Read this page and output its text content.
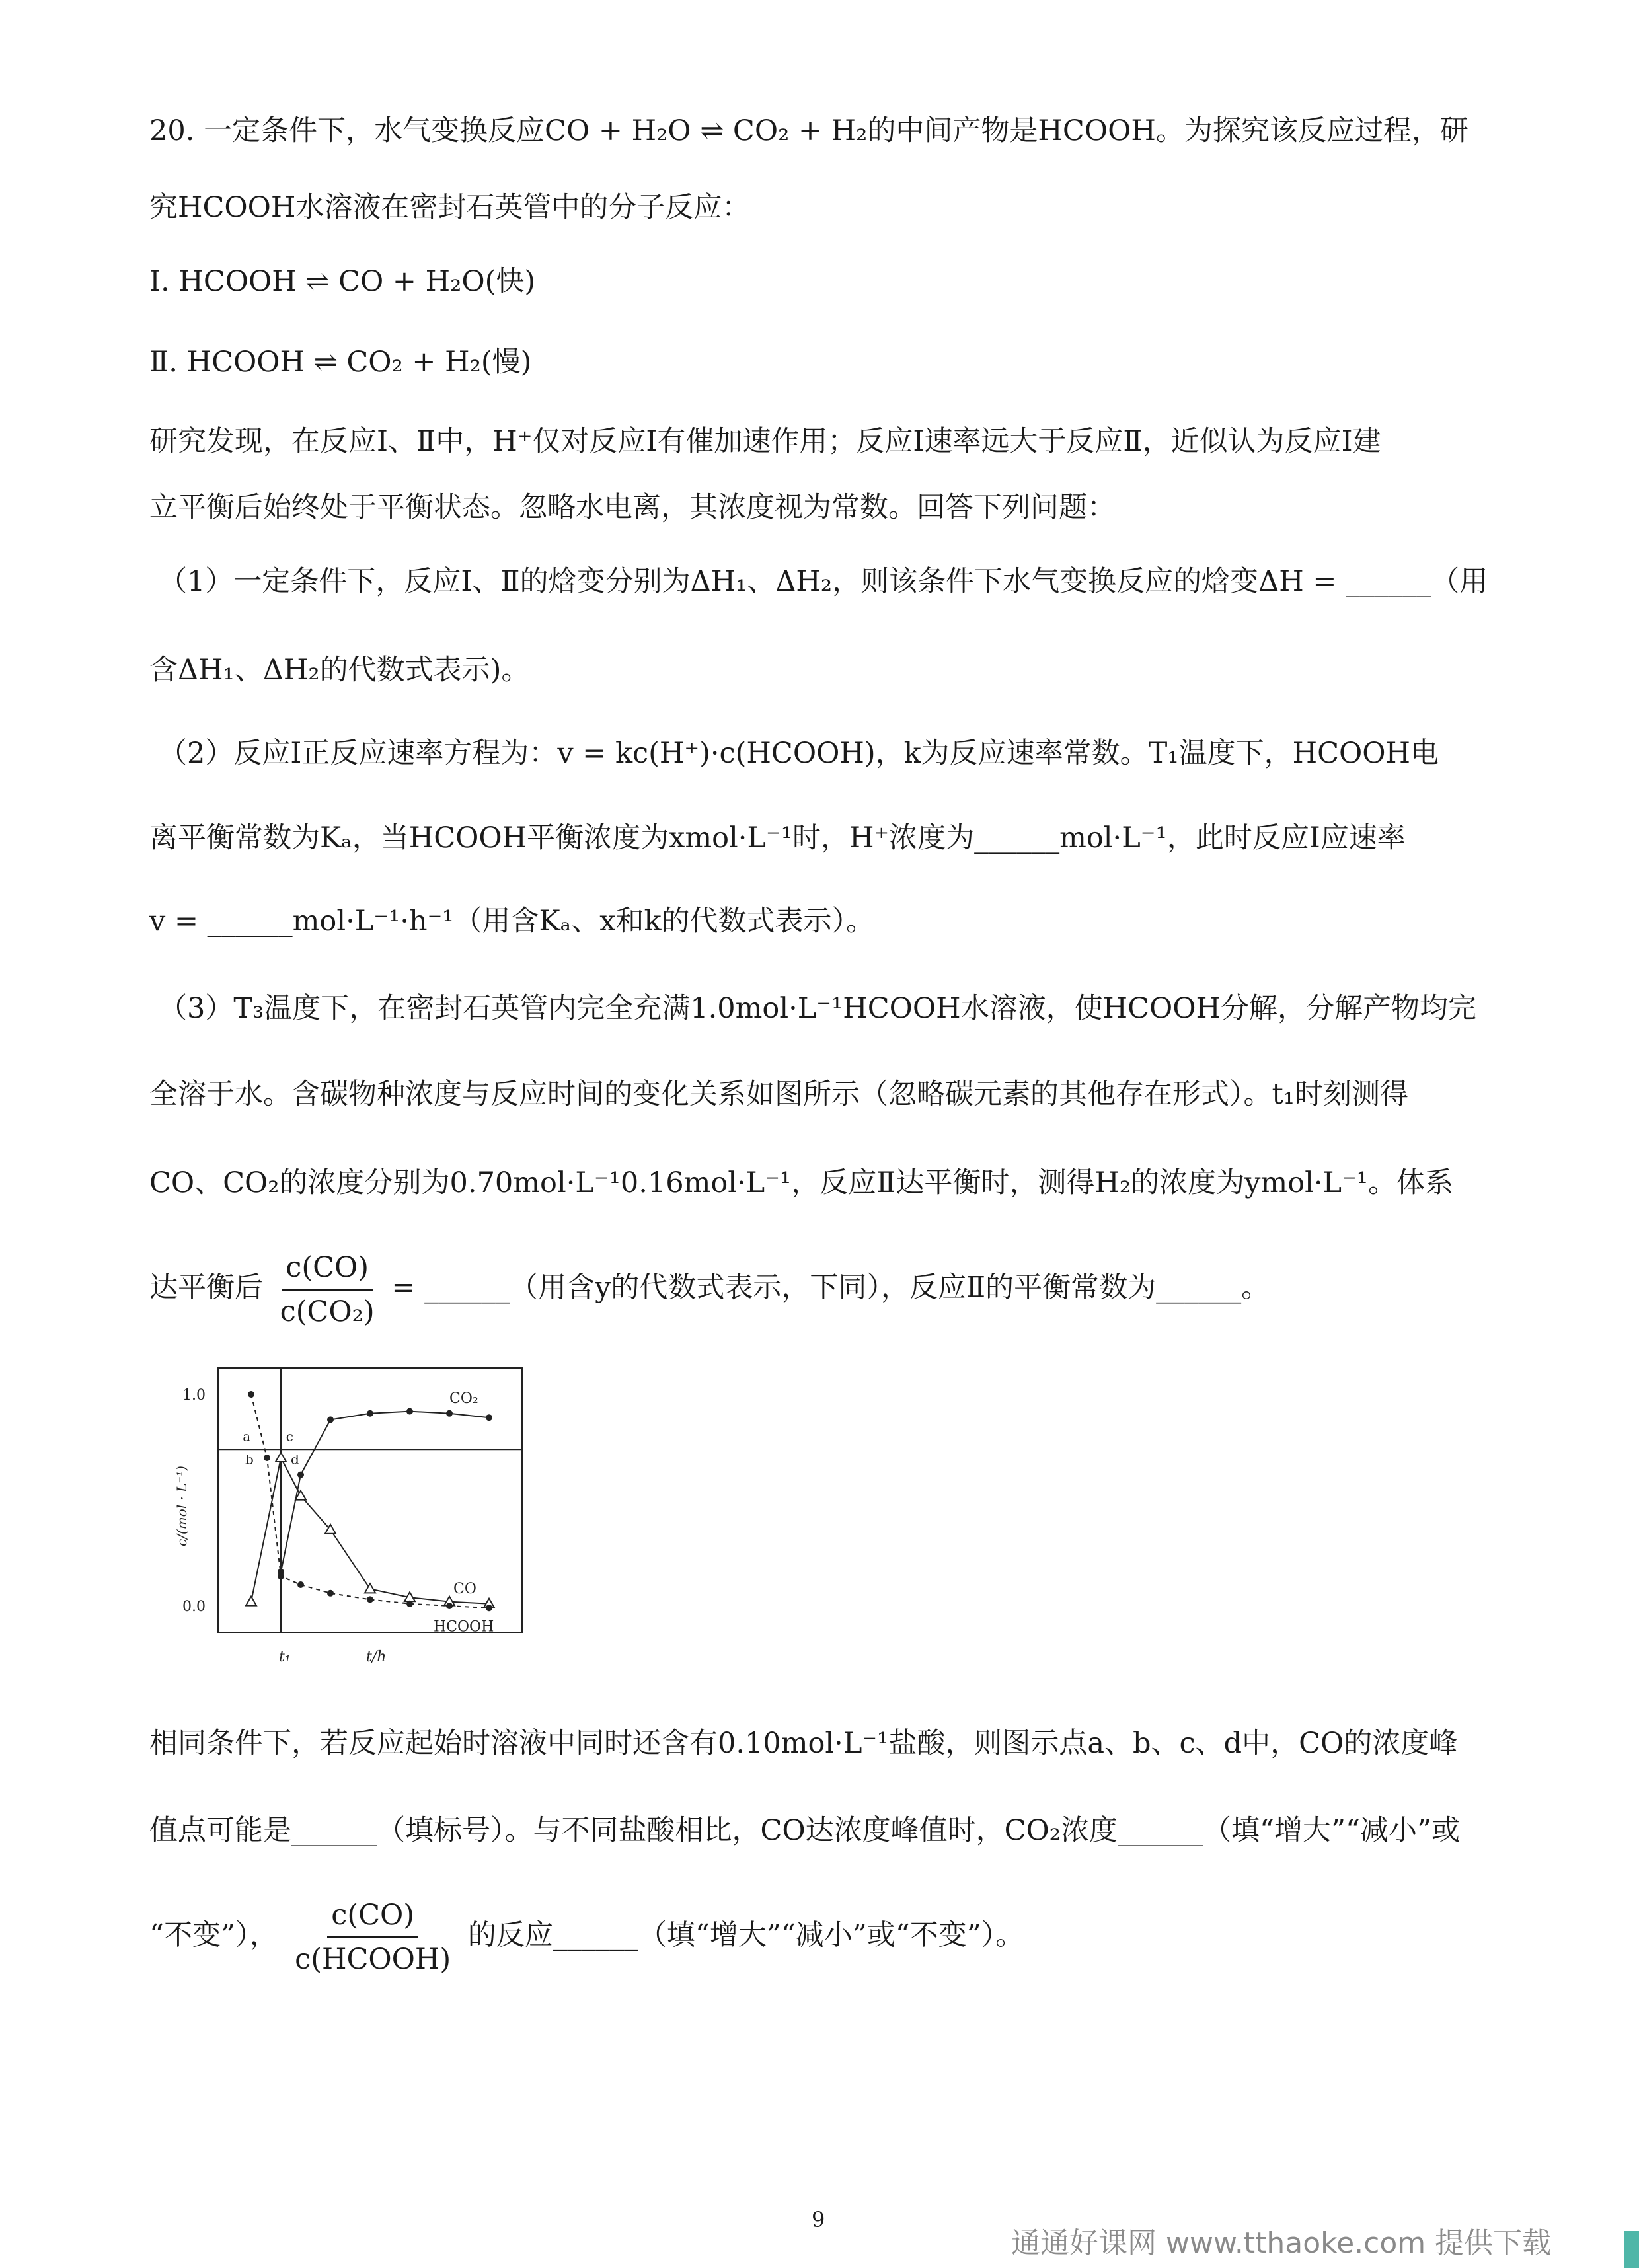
20. 一定条件下，水气变换反应CO + H₂O ⇌ CO₂ + H₂的中间产物是HCOOH。为探究该反应过程，研
究HCOOH水溶液在密封石英管中的分子反应：
Ⅰ. HCOOH ⇌ CO + H₂O(快)
Ⅱ. HCOOH ⇌ CO₂ + H₂(慢)
研究发现，在反应Ⅰ、Ⅱ中，H⁺仅对反应Ⅰ有催加速作用；反应Ⅰ速率远大于反应Ⅱ，近似认为反应Ⅰ建
立平衡后始终处于平衡状态。忽略水电离，其浓度视为常数。回答下列问题：
（1）一定条件下，反应Ⅰ、Ⅱ的焓变分别为ΔH₁、ΔH₂，则该条件下水气变换反应的焓变ΔH = ______（用
含ΔH₁、ΔH₂的代数式表示)。
（2）反应Ⅰ正反应速率方程为：v = kc(H⁺)·c(HCOOH)，k为反应速率常数。T₁温度下，HCOOH电
离平衡常数为Kₐ，当HCOOH平衡浓度为xmol·L⁻¹时，H⁺浓度为______mol·L⁻¹，此时反应Ⅰ应速率
v = ______mol·L⁻¹·h⁻¹（用含Kₐ、x和k的代数式表示）。
（3）T₃温度下，在密封石英管内完全充满1.0mol·L⁻¹HCOOH水溶液，使HCOOH分解，分解产物均完
全溶于水。含碳物种浓度与反应时间的变化关系如图所示（忽略碳元素的其他存在形式）。t₁时刻测得
CO、CO₂的浓度分别为0.70mol·L⁻¹0.16mol·L⁻¹，反应Ⅱ达平衡时，测得H₂的浓度为ymol·L⁻¹。体系
达平衡后 $\frac{c(CO)}{\text{c(CO₂)}}$ = ______（用含y的代数式表示，下同），反应Ⅱ的平衡常数为______。
1.0
0.0
c/(mol · L⁻¹)
t₁	t/h
CO₂
CO
HCOOH
a
b
c
d
相同条件下，若反应起始时溶液中同时还含有0.10mol·L⁻¹盐酸，则图示点a、b、c、d中，CO的浓度峰
值点可能是______（填标号）。与不同盐酸相比，CO达浓度峰值时，CO₂浓度______（填“增大”“减小”或
“不变”）， $\frac{c(CO)}{\text{c(HCOOH)}}$ 的反应______（填“增大”“减小”或“不变”）。
9
通通好课网 www.tthaoke.com 提供下载
